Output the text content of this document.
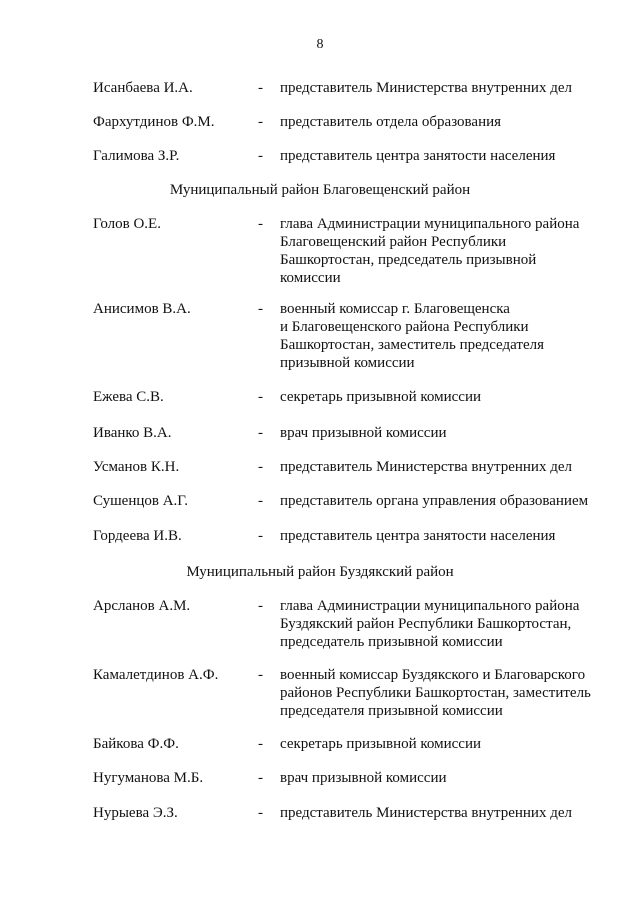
8
Исанбаева И.А.	- представитель Министерства внутренних дел
Фархутдинов Ф.М.	- представитель отдела образования
Галимова З.Р.	- представитель центра занятости населения
Муниципальный район Благовещенский район
Голов О.Е.	- глава Администрации муниципального района
Благовещенский район Республики
Башкортостан, председатель призывной
комиссии
Анисимов В.А.	- военный комиссар г. Благовещенска
и Благовещенского района Республики
Башкортостан, заместитель председателя
призывной комиссии
Ежева С.В.	- секретарь призывной комиссии
Иванко В.А.	- врач призывной комиссии
Усманов К.Н.	- представитель Министерства внутренних дел
Сушенцов А.Г.	- представитель органа управления образованием
Гордеева И.В.	- представитель центра занятости населения
Муниципальный район Буздякский район
Арсланов А.М.	- глава Администрации муниципального района
Буздякский район Республики Башкортостан,
председатель призывной комиссии
Камалетдинов А.Ф.	- военный комиссар Буздякского и Благоварского
районов Республики Башкортостан, заместитель
председателя призывной комиссии
Байкова Ф.Ф.	- секретарь призывной комиссии
Нугуманова М.Б.	- врач призывной комиссии
Нурыева Э.З.	- представитель Министерства внутренних дел
